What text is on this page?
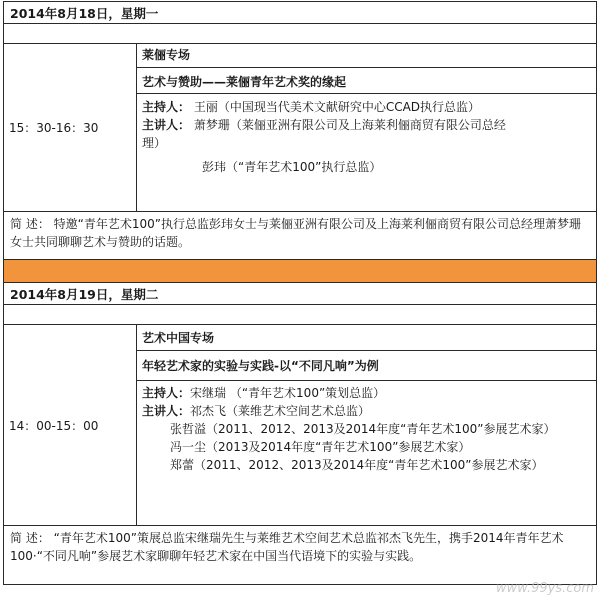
2014年8月18日，星期一
15：30-16：30
莱俪专场
艺术与赞助——莱俪青年艺术奖的缘起
主持人： 王丽（中国现当代美术文献研究中心CCAD执行总监）
主讲人： 萧梦珊（莱俪亚洲有限公司及上海莱利俪商贸有限公司总经
理）
彭玮（“青年艺术100”执行总监）
简 述： 特邀“青年艺术100”执行总监彭玮女士与莱俪亚洲有限公司及上海莱利俪商贸有限公司总经理萧梦珊女士共同聊聊艺术与赞助的话题。
2014年8月19日，星期二
14：00-15：00
艺术中国专场
年轻艺术家的实验与实践-以“不同凡响”为例
主持人：宋继瑞 （“青年艺术100”策划总监）
主讲人：祁杰飞（莱维艺术空间艺术总监）
张哲溢（2011、2012、2013及2014年度“青年艺术100”参展艺术家）
冯一尘（2013及2014年度“青年艺术100”参展艺术家）
郑蕾（2011、2012、2013及2014年度“青年艺术100”参展艺术家）
简 述： “青年艺术100”策展总监宋继瑞先生与莱维艺术空间艺术总监祁杰飞先生，携手2014年青年艺术100·“不同凡响”参展艺术家聊聊年轻艺术家在中国当代语境下的实验与实践。
www.99ys.com
